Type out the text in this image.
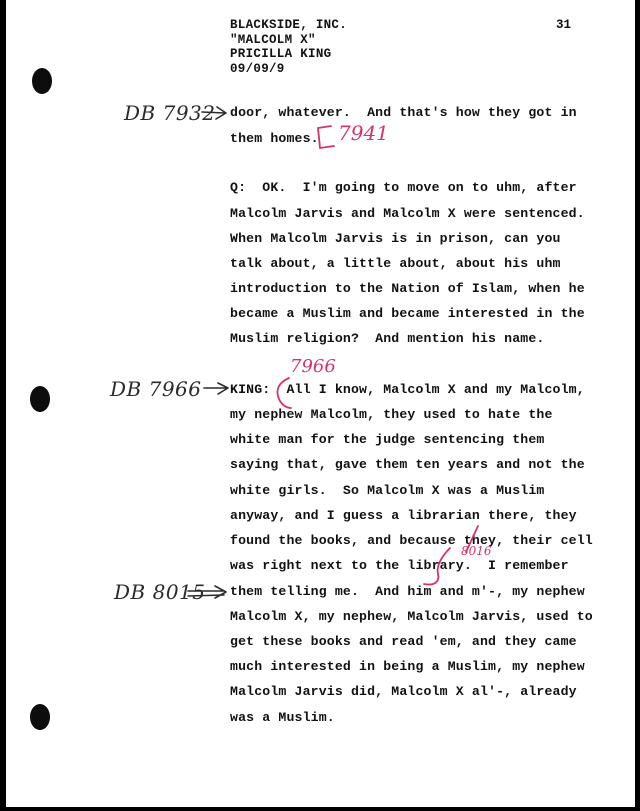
BLACKSIDE, INC.
"MALCOLM X"
PRICILLA KING
09/09/9
31
door, whatever.  And that's how they got in
them homes.
Q:  OK.  I'm going to move on to uhm, after
Malcolm Jarvis and Malcolm X were sentenced.
When Malcolm Jarvis is in prison, can you
talk about, a little about, about his uhm
introduction to the Nation of Islam, when he
became a Muslim and became interested in the
Muslim religion?  And mention his name.
KING:  All I know, Malcolm X and my Malcolm,
my nephew Malcolm, they used to hate the
white man for the judge sentencing them
saying that, gave them ten years and not the
white girls.  So Malcolm X was a Muslim
anyway, and I guess a librarian there, they
found the books, and because they, their cell
was right next to the library.  I remember
them telling me.  And him and m'-, my nephew
Malcolm X, my nephew, Malcolm Jarvis, used to
get these books and read 'em, and they came
much interested in being a Muslim, my nephew
Malcolm Jarvis did, Malcolm X al'-, already
was a Muslim.
DB 7932
DB 7966
DB 8015
7941
7966
8016
